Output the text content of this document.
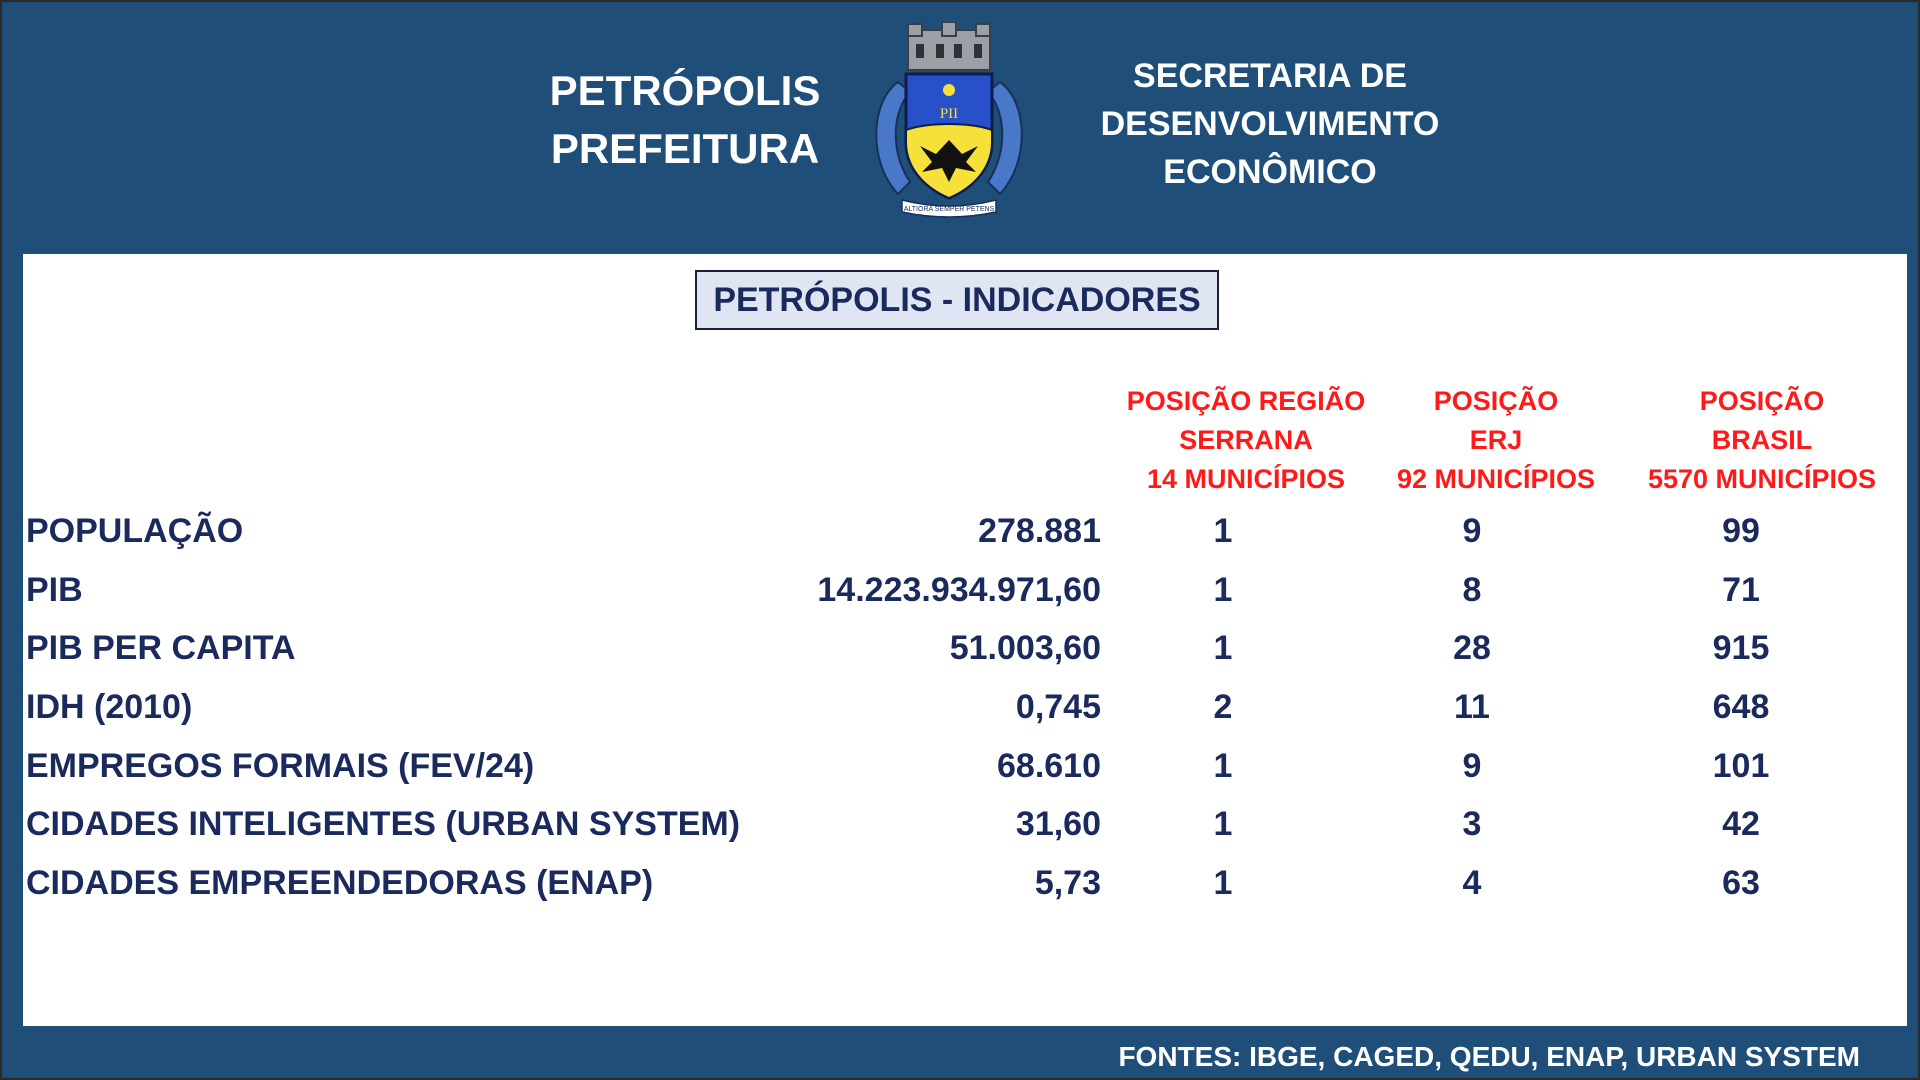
PETRÓPOLIS
PREFEITURA
PII
ALTIORA SEMPER PETENS
SECRETARIA DE
DESENVOLVIMENTO
ECONÔMICO
PETRÓPOLIS - INDICADORES
POSIÇÃO REGIÃO
SERRANA
14 MUNICÍPIOS
POSIÇÃO
ERJ
92 MUNICÍPIOS
POSIÇÃO
BRASIL
5570 MUNICÍPIOS
POPULAÇÃO	278.881	1	9	99
PIB	14.223.934.971,60	1	8	71
PIB PER CAPITA	51.003,60	1	28	915
IDH (2010)	0,745	2	11	648
EMPREGOS FORMAIS (FEV/24)	68.610	1	9	101
CIDADES INTELIGENTES (URBAN SYSTEM)	31,60	1	3	42
CIDADES EMPREENDEDORAS (ENAP)	5,73	1	4	63
FONTES: IBGE, CAGED, QEDU, ENAP, URBAN SYSTEM
